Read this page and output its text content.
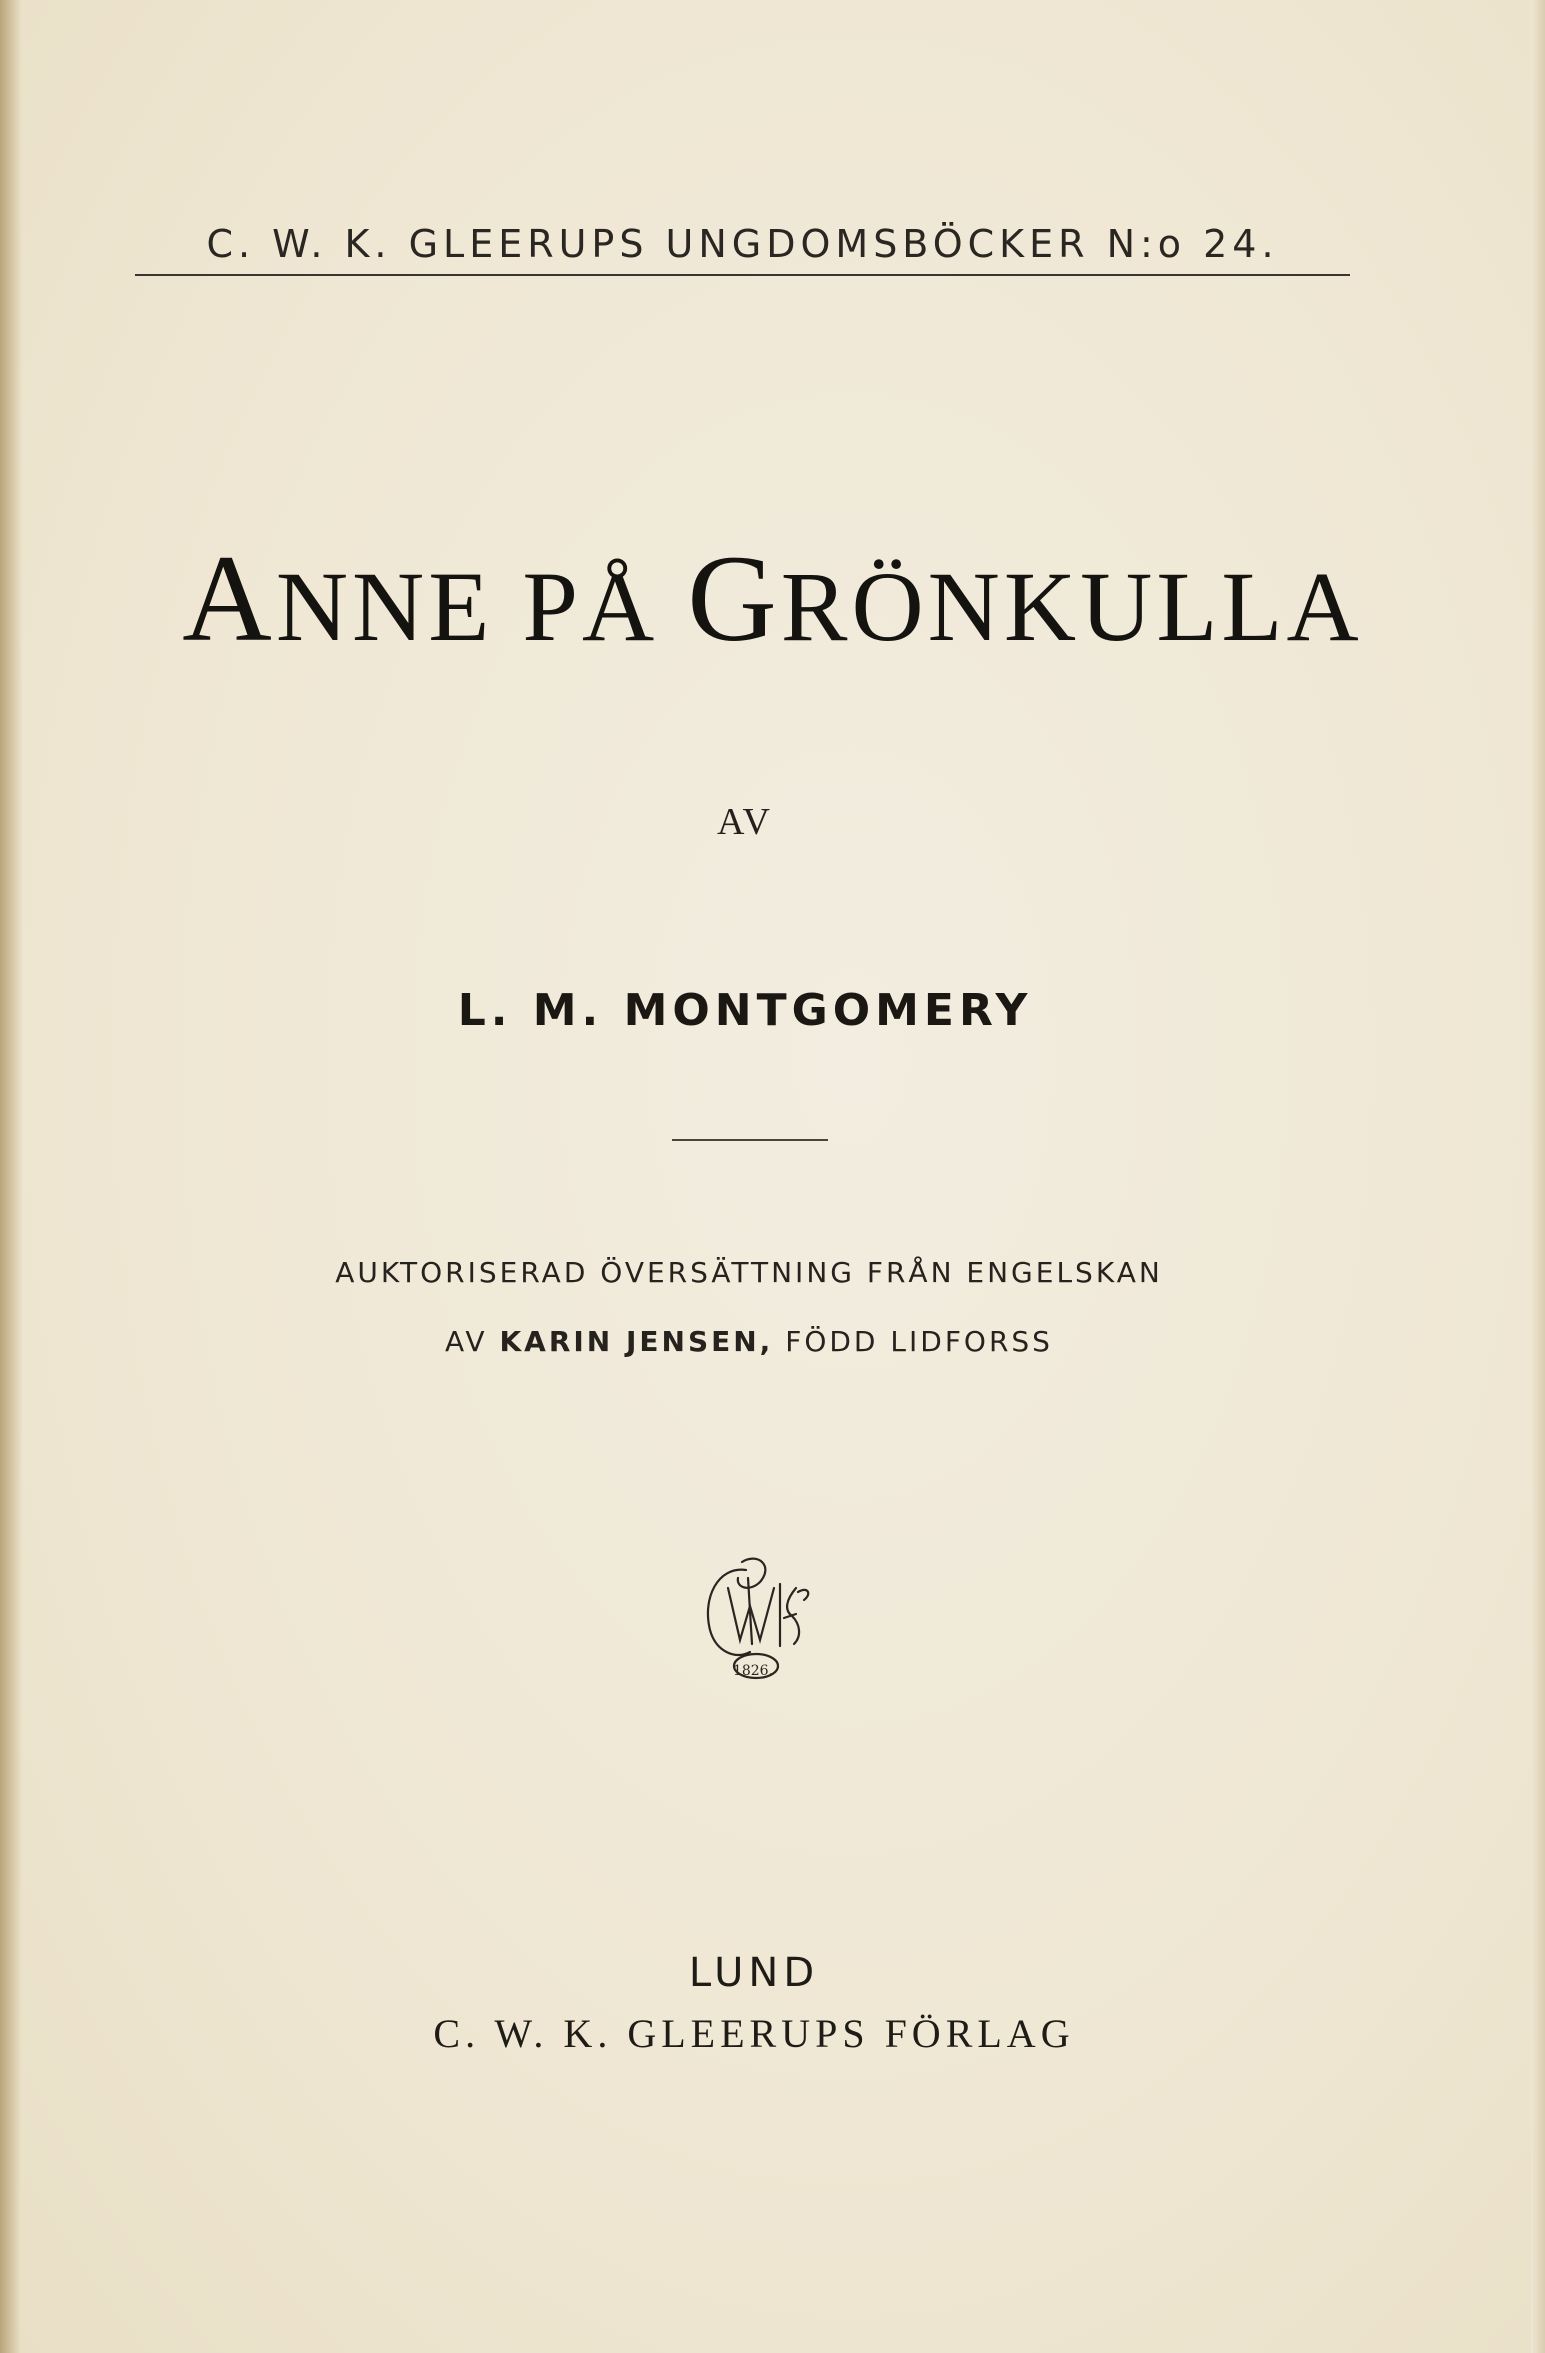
C. W. K. GLEERUPS UNGDOMSBÖCKER N:o 24.
ANNE PÅ GRÖNKULLA
AV
L. M. MONTGOMERY
AUKTORISERAD ÖVERSÄTTNING FRÅN ENGELSKAN
AV KARIN JENSEN, FÖDD LIDFORSS
1826.
LUND
C. W. K. GLEERUPS FÖRLAG
